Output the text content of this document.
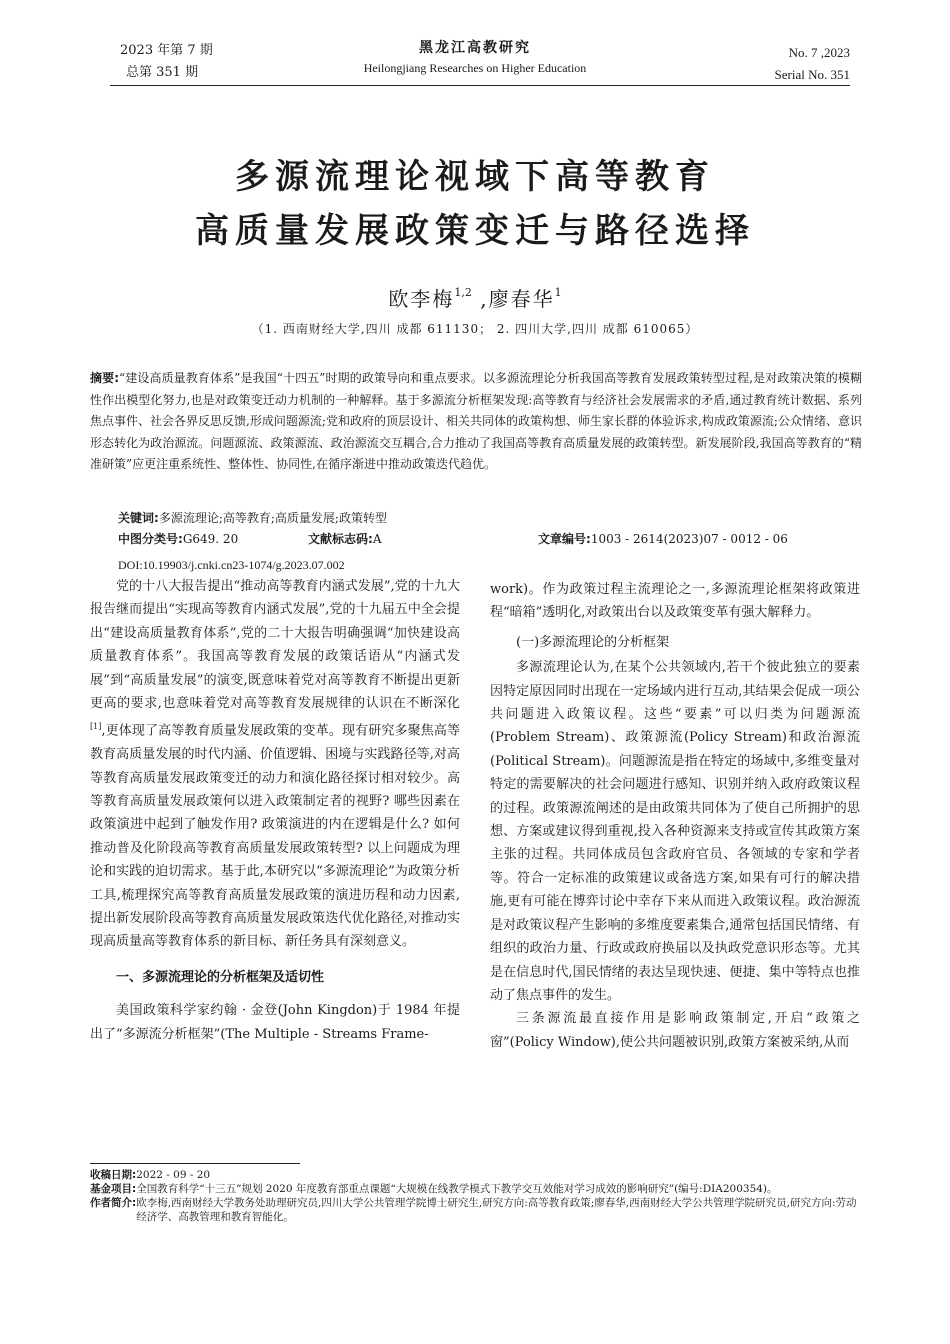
2023 年第 7 期
总第 351 期
黑龙江高教研究
Heilongjiang Researches on Higher Education
No. 7 ,2023
Serial No. 351
多源流理论视域下高等教育
高质量发展政策变迁与路径选择
欧李梅$^{1,2}$ ,廖春华$^1$
（1. 西南财经大学,四川 成都 611130； 2. 四川大学,四川 成都 610065）
摘要:“建设高质量教育体系”是我国“十四五”时期的政策导向和重点要求。以多源流理论分析我国高等教育发展政策转型过程,是对政策决策的模糊性作出模型化努力,也是对政策变迁动力机制的一种解释。基于多源流分析框架发现:高等教育与经济社会发展需求的矛盾,通过教育统计数据、系列焦点事件、社会各界反思反馈,形成问题源流;党和政府的顶层设计、相关共同体的政策构想、师生家长群的体验诉求,构成政策源流;公众情绪、意识形态转化为政治源流。问题源流、政策源流、政治源流交互耦合,合力推动了我国高等教育高质量发展的政策转型。新发展阶段,我国高等教育的“精准研策”应更注重系统性、整体性、协同性,在循序渐进中推动政策迭代趋优。
关键词:多源流理论;高等教育;高质量发展;政策转型
中图分类号:G649. 20	文献标志码:A	文章编号:1003 - 2614(2023)07 - 0012 - 06
DOI:10.19903/j.cnki.cn23-1074/g.2023.07.002

党的十八大报告提出“推动高等教育内涵式发展”,党的十九大报告继而提出“实现高等教育内涵式发展”,党的十九届五中全会提出“建设高质量教育体系”,党的二十大报告明确强调“加快建设高质量教育体系”。我国高等教育发展的政策话语从“内涵式发展”到“高质量发展”的演变,既意味着党对高等教育不断提出更新更高的要求,也意味着党对高等教育发展规律的认识在不断深化[1],更体现了高等教育质量发展政策的变革。现有研究多聚焦高等教育高质量发展的时代内涵、价值逻辑、困境与实践路径等,对高等教育高质量发展政策变迁的动力和演化路径探讨相对较少。高等教育高质量发展政策何以进入政策制定者的视野? 哪些因素在政策演进中起到了触发作用? 政策演进的内在逻辑是什么? 如何推动普及化阶段高等教育高质量发展政策转型? 以上问题成为理论和实践的迫切需求。基于此,本研究以“多源流理论”为政策分析工具,梳理探究高等教育高质量发展政策的演进历程和动力因素,提出新发展阶段高等教育高质量发展政策迭代优化路径,对推动实现高质量高等教育体系的新目标、新任务具有深刻意义。

一、多源流理论的分析框架及适切性

美国政策科学家约翰 · 金登(John Kingdon)于 1984 年提出了“多源流分析框架”(The Multiple - Streams Frame-

work)。作为政策过程主流理论之一,多源流理论框架将政策进程“暗箱”透明化,对政策出台以及政策变革有强大解释力。

(一)多源流理论的分析框架

多源流理论认为,在某个公共领域内,若干个彼此独立的要素因特定原因同时出现在一定场域内进行互动,其结果会促成一项公共问题进入政策议程。这些“要素”可以归类为问题源流(Problem Stream)、政策源流(Policy Stream)和政治源流(Political Stream)。问题源流是指在特定的场域中,多维变量对特定的需要解决的社会问题进行感知、识别并纳入政府政策议程的过程。政策源流阐述的是由政策共同体为了使自己所拥护的思想、方案或建议得到重视,投入各种资源来支持或宣传其政策方案主张的过程。共同体成员包含政府官员、各领域的专家和学者等。符合一定标准的政策建议或备选方案,如果有可行的解决措施,更有可能在博弈讨论中幸存下来从而进入政策议程。政治源流是对政策议程产生影响的多维度要素集合,通常包括国民情绪、有组织的政治力量、行政或政府换届以及执政党意识形态等。尤其是在信息时代,国民情绪的表达呈现快速、便捷、集中等特点也推动了焦点事件的发生。

三条源流最直接作用是影响政策制定,开启“政策之窗”(Policy Window),使公共问题被识别,政策方案被采纳,从而

收稿日期: 2022 - 09 - 20
基金项目: 全国教育科学“十三五”规划 2020 年度教育部重点课题“大规模在线教学模式下教学交互效能对学习成效的影响研究”(编号:DIA200354)。
作者简介: 欧李梅,西南财经大学教务处助理研究员,四川大学公共管理学院博士研究生,研究方向:高等教育政策;廖春华,西南财经大学公共管理学院研究员,研究方向:劳动经济学、高教管理和教育智能化。
